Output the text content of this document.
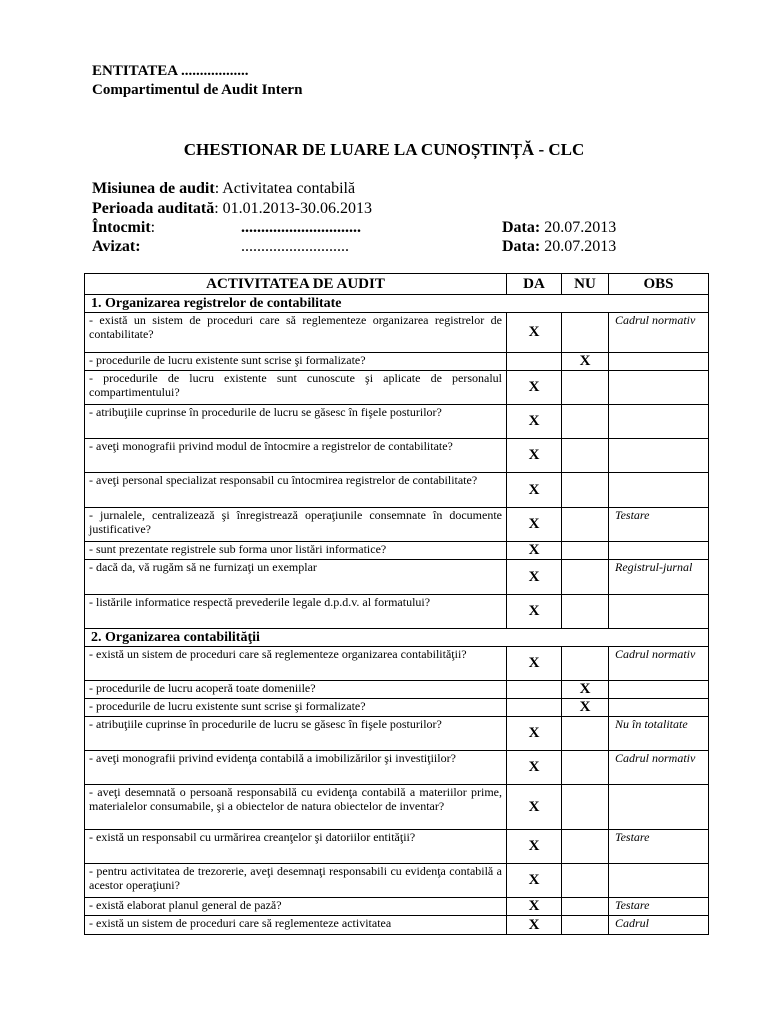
ENTITATEA ..................
Compartimentul de Audit Intern
CHESTIONAR DE LUARE LA CUNOȘTINȚĂ - CLC
Misiunea de audit: Activitatea contabilă
Perioada auditată: 01.01.2013-30.06.2013
Întocmit:	..............................	Data: 20.07.2013
Avizat:	...........................	Data: 20.07.2013
ACTIVITATEA DE AUDIT	DA	NU	OBS
1. Organizarea registrelor de contabilitate			
- există un sistem de proceduri care să reglementeze organizarea registrelor de contabilitate?	X		Cadrul normativ
- procedurile de lucru existente sunt scrise şi formalizate?		X	
- procedurile de lucru existente sunt cunoscute şi aplicate de personalul compartimentului?	X		
- atribuţiile cuprinse în procedurile de lucru se găsesc în fişele posturilor?	X		
- aveţi monografii privind modul de întocmire a registrelor de contabilitate?	X		
- aveţi personal specializat responsabil cu întocmirea registrelor de contabilitate?	X		
- jurnalele, centralizează şi înregistrează operaţiunile consemnate în documente justificative?	X		Testare
- sunt prezentate registrele sub forma unor listări informatice?	X		
- dacă da, vă rugăm să ne furnizaţi un exemplar	X		Registrul-jurnal
- listările informatice respectă prevederile legale d.p.d.v. al formatului?	X		
2. Organizarea contabilităţii			
- există un sistem de proceduri care să reglementeze organizarea contabilităţii?	X		Cadrul normativ
- procedurile de lucru acoperă toate domeniile?		X	
- procedurile de lucru existente sunt scrise şi formalizate?		X	
- atribuţiile cuprinse în procedurile de lucru se găsesc în fişele posturilor?	X		Nu în totalitate
- aveţi monografii privind evidenţa contabilă a imobilizărilor şi investiţiilor?	X		Cadrul normativ
- aveţi desemnată o persoană responsabilă cu evidenţa contabilă a materiilor prime, materialelor consumabile, şi a obiectelor de natura obiectelor de inventar?	X		
- există un responsabil cu urmărirea creanţelor şi datoriilor entităţii?	X		Testare
- pentru activitatea de trezorerie, aveţi desemnaţi responsabili cu evidenţa contabilă a acestor operaţiuni?	X		
- există elaborat planul general de pază?	X		Testare
- există un sistem de proceduri care să reglementeze activitatea	X		Cadrul
